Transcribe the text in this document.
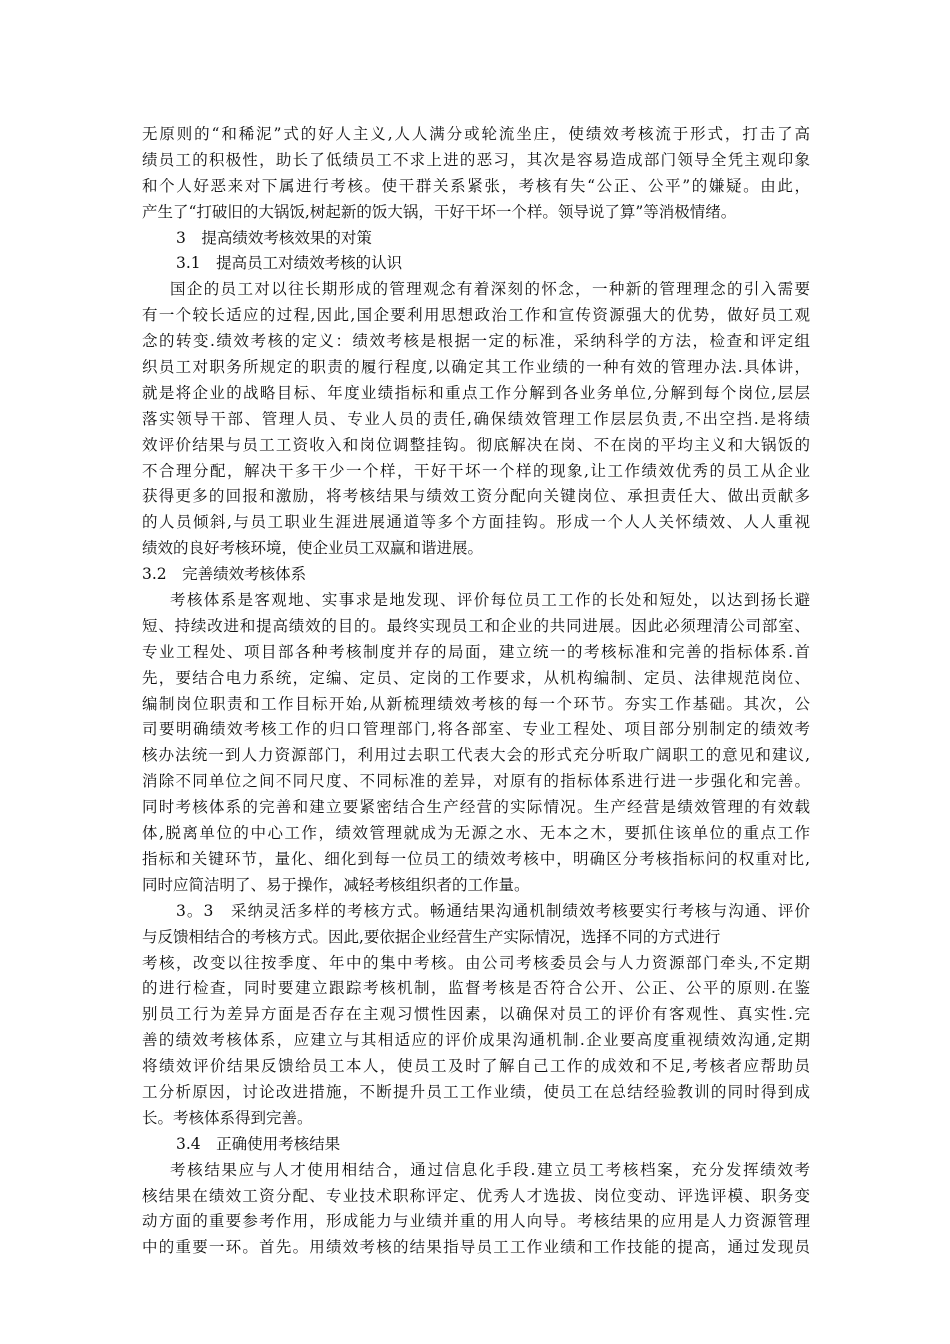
无原则的“和稀泥”式的好人主义,人人满分或轮流坐庄，使绩效考核流于形式，打击了高
绩员工的积极性，助长了低绩员工不求上进的恶习，其次是容易造成部门领导全凭主观印象
和个人好恶来对下属进行考核。使干群关系紧张，考核有失“公正、公平”的嫌疑。由此，
产生了“打破旧的大锅饭,树起新的饭大锅，干好干坏一个样。领导说了算”等消极情绪。
3　提高绩效考核效果的对策
3.1　提高员工对绩效考核的认识
国企的员工对以往长期形成的管理观念有着深刻的怀念，一种新的管理理念的引入需要
有一个较长适应的过程,因此,国企要利用思想政治工作和宣传资源强大的优势，做好员工观
念的转变.绩效考核的定义：绩效考核是根据一定的标准，采纳科学的方法，检查和评定组
织员工对职务所规定的职责的履行程度,以确定其工作业绩的一种有效的管理办法.具体讲，
就是将企业的战略目标、年度业绩指标和重点工作分解到各业务单位,分解到每个岗位,层层
落实领导干部、管理人员、专业人员的责任,确保绩效管理工作层层负责,不出空挡.是将绩
效评价结果与员工工资收入和岗位调整挂钩。彻底解决在岗、不在岗的平均主义和大锅饭的
不合理分配，解决干多干少一个样，干好干坏一个样的现象,让工作绩效优秀的员工从企业
获得更多的回报和激励，将考核结果与绩效工资分配向关键岗位、承担责任大、做出贡献多
的人员倾斜,与员工职业生涯进展通道等多个方面挂钩。形成一个人人关怀绩效、人人重视
绩效的良好考核环境，使企业员工双赢和谐进展。
3.2　完善绩效考核体系
考核体系是客观地、实事求是地发现、评价每位员工工作的长处和短处，以达到扬长避
短、持续改进和提高绩效的目的。最终实现员工和企业的共同进展。因此必须理清公司部室、
专业工程处、项目部各种考核制度并存的局面，建立统一的考核标准和完善的指标体系.首
先，要结合电力系统，定编、定员、定岗的工作要求，从机构编制、定员、法律规范岗位、
编制岗位职责和工作目标开始,从新梳理绩效考核的每一个环节。夯实工作基础。其次，公
司要明确绩效考核工作的归口管理部门,将各部室、专业工程处、项目部分别制定的绩效考
核办法统一到人力资源部门，利用过去职工代表大会的形式充分听取广阔职工的意见和建议,
消除不同单位之间不同尺度、不同标准的差异，对原有的指标体系进行进一步强化和完善。
同时考核体系的完善和建立要紧密结合生产经营的实际情况。生产经营是绩效管理的有效载
体,脱离单位的中心工作，绩效管理就成为无源之水、无本之木，要抓住该单位的重点工作
指标和关键环节，量化、细化到每一位员工的绩效考核中，明确区分考核指标问的权重对比,
同时应简洁明了、易于操作，减轻考核组织者的工作量。
3。3　采纳灵活多样的考核方式。畅通结果沟通机制绩效考核要实行考核与沟通、评价
与反馈相结合的考核方式。因此,要依据企业经营生产实际情况，选择不同的方式进行
考核，改变以往按季度、年中的集中考核。由公司考核委员会与人力资源部门牵头,不定期
的进行检查，同时要建立跟踪考核机制，监督考核是否符合公开、公正、公平的原则.在鉴
别员工行为差异方面是否存在主观习惯性因素，以确保对员工的评价有客观性、真实性.完
善的绩效考核体系，应建立与其相适应的评价成果沟通机制.企业要高度重视绩效沟通,定期
将绩效评价结果反馈给员工本人，使员工及时了解自己工作的成效和不足,考核者应帮助员
工分析原因，讨论改进措施，不断提升员工工作业绩，使员工在总结经验教训的同时得到成
长。考核体系得到完善。
3.4　正确使用考核结果
考核结果应与人才使用相结合，通过信息化手段.建立员工考核档案，充分发挥绩效考
核结果在绩效工资分配、专业技术职称评定、优秀人才选拔、岗位变动、评选评模、职务变
动方面的重要参考作用，形成能力与业绩并重的用人向导。考核结果的应用是人力资源管理
中的重要一环。首先。用绩效考核的结果指导员工工作业绩和工作技能的提高，通过发现员
